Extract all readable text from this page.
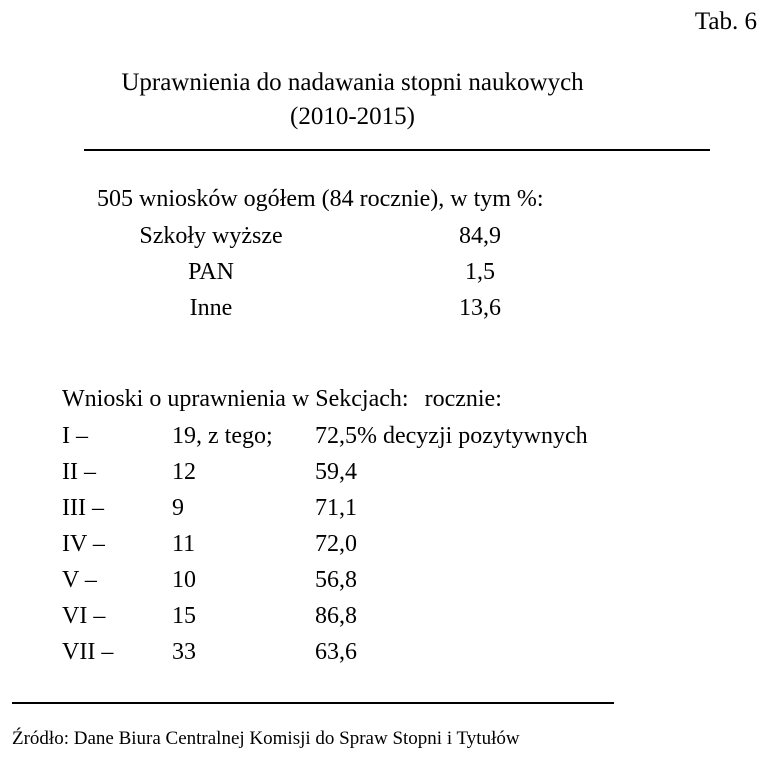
Tab. 6
Uprawnienia do nadawania stopni naukowych
(2010-2015)
505 wniosków ogółem (84 rocznie), w tym %:
Szkoły wyższe	84,9
PAN	1,5
Inne	13,6
Wnioski o uprawnienia w Sekcjach: rocznie:
I –	19, z tego; 72,5% decyzji pozytywnych
II –	12	59,4
III –	9	71,1
IV –	11	72,0
V –	10	56,8
VI –	15	86,8
VII – 33	63,6
Źródło: Dane Biura Centralnej Komisji do Spraw Stopni i Tytułów
